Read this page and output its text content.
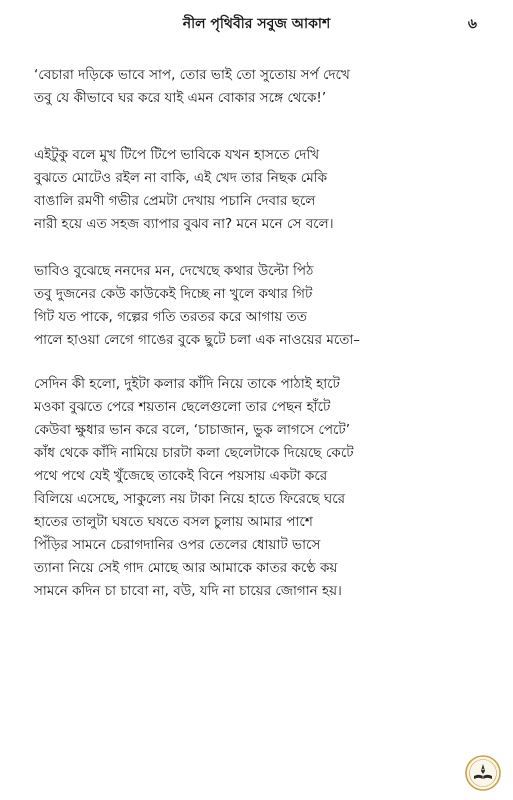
নীল পৃথিবীর সবুজ আকাশ	৬
‘বেচারা দড়িকে ভাবে সাপ, তোর ভাই তো সুতোয় সর্প দেখে
তবু যে কীভাবে ঘর করে যাই এমন বোকার সঙ্গে থেকে!’
এইটুকু বলে মুখ টিপে টিপে ভাবিকে যখন হাসতে দেখি
বুঝতে মোটেও রইল না বাকি, এই খেদ তার নিছক মেকি
বাঙালি রমণী গভীর প্রেমটা দেখায় পচানি দেবার ছলে
নারী হয়ে এত সহজ ব্যাপার বুঝব না? মনে মনে সে বলে।
ভাবিও বুঝেছে ননদের মন, দেখেছে কথার উল্টো পিঠ
তবু দুজনের কেউ কাউকেই দিচ্ছে না খুলে কথার গিট
গিট যত পাকে, গল্পের গতি তরতর করে আগায় তত
পালে হাওয়া লেগে গাঙের বুকে ছুটে চলা এক নাওয়ের মতো–
সেদিন কী হলো, দুইটা কলার কাঁদি নিয়ে তাকে পাঠাই হাটে
মওকা বুঝতে পেরে শয়তান ছেলেগুলো তার পেছন হাঁটে
কেউবা ক্ষুধার ভান করে বলে, ‘চাচাজান, ভুক লাগসে পেটে’
কাঁধ থেকে কাঁদি নামিয়ে চারটা কলা ছেলেটাকে দিয়েছে কেটে
পথে পথে যেই খুঁজেছে তাকেই বিনে পয়সায় একটা করে
বিলিয়ে এসেছে, সাকুল্যে নয় টাকা নিয়ে হাতে ফিরেছে ঘরে
হাতের তালুটা ঘষতে ঘষতে বসল চুলায় আমার পাশে
পিঁড়ির সামনে চেরাগদানির ওপর তেলের ধোয়াট ভাসে
ত্যানা নিয়ে সেই গাদ মোছে আর আমাকে কাতর কণ্ঠে কয়
সামনে কদিন চা চাবো না, বউ, যদি না চায়ের জোগান হয়।
